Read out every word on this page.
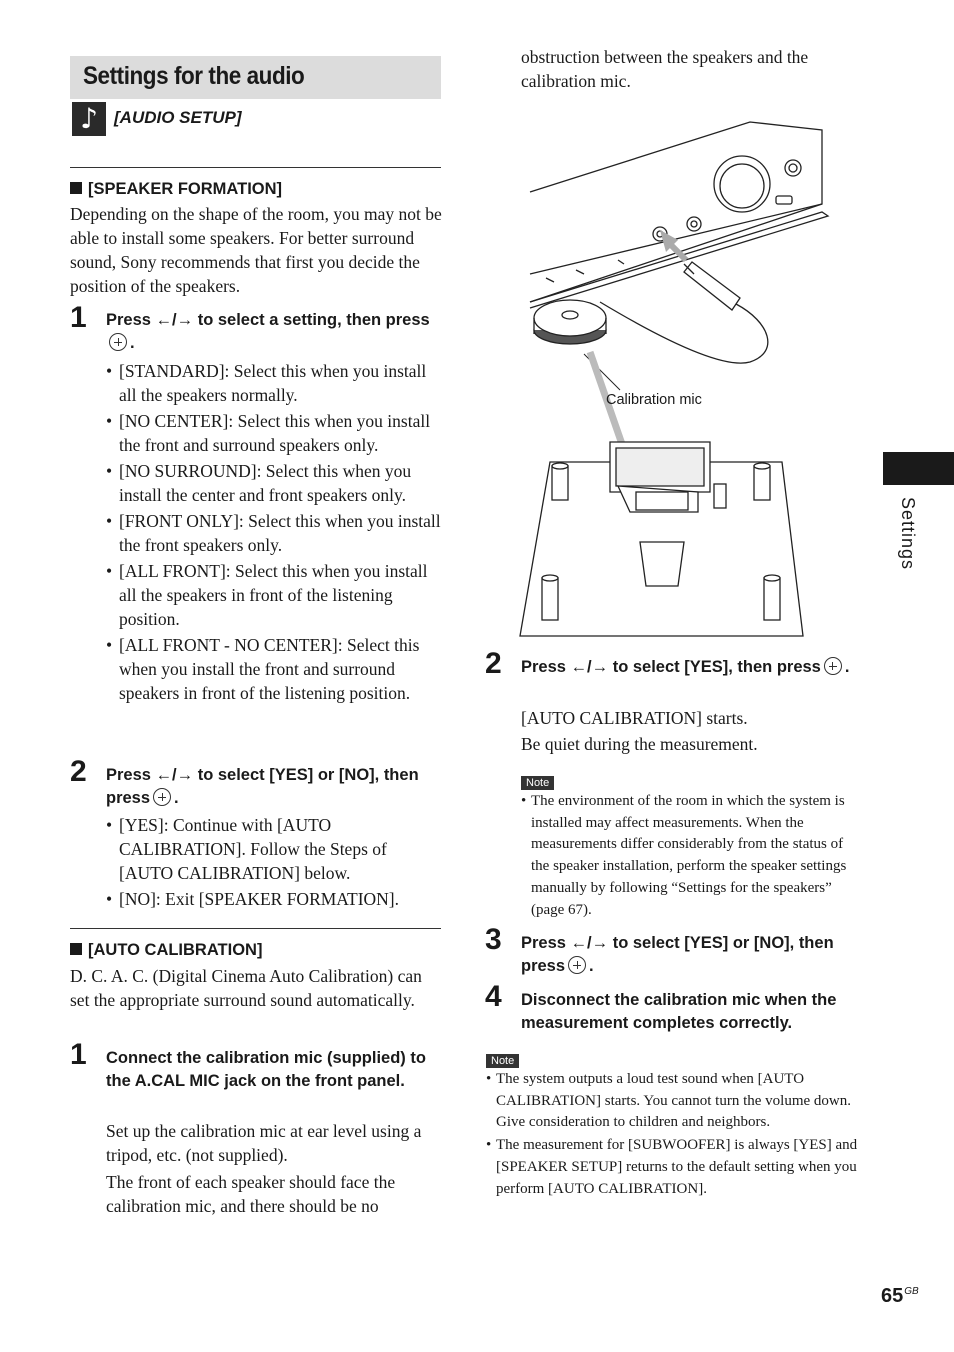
Settings for the audio
♪ [AUDIO SETUP]
[SPEAKER FORMATION]
Depending on the shape of the room, you may not be able to install some speakers. For better surround sound, Sony recommends that first you decide the position of the speakers.
1 Press ←/→ to select a setting, then press.
• [STANDARD]: Select this when you install all the speakers normally.
• [NO CENTER]: Select this when you install the front and surround speakers only.
• [NO SURROUND]: Select this when you install the center and front speakers only.
• [FRONT ONLY]: Select this when you install the front speakers only.
• [ALL FRONT]: Select this when you install all the speakers in front of the listening position.
• [ALL FRONT - NO CENTER]: Select this when you install the front and surround speakers in front of the listening position.
2 Press ←/→ to select [YES] or [NO], then press .
• [YES]: Continue with [AUTO CALIBRATION]. Follow the Steps of [AUTO CALIBRATION] below.
• [NO]: Exit [SPEAKER FORMATION].
[AUTO CALIBRATION]
D. C. A. C. (Digital Cinema Auto Calibration) can set the appropriate surround sound automatically.
1 Connect the calibration mic (supplied) to the A.CAL MIC jack on the front panel.
Set up the calibration mic at ear level using a tripod, etc. (not supplied).
The front of each speaker should face the calibration mic, and there should be no
obstruction between the speakers and the calibration mic.
Calibration mic
2 Press ←/→ to select [YES], then press .
[AUTO CALIBRATION] starts.
Be quiet during the measurement.
Note
• The environment of the room in which the system is installed may affect measurements. When the measurements differ considerably from the status of the speaker installation, perform the speaker settings manually by following “Settings for the speakers” (page 67).
3 Press ←/→ to select [YES] or [NO], then press .
4 Disconnect the calibration mic when the measurement completes correctly.
Note
• The system outputs a loud test sound when [AUTO CALIBRATION] starts. You cannot turn the volume down. Give consideration to children and neighbors.
• The measurement for [SUBWOOFER] is always [YES] and [SPEAKER SETUP] returns to the default setting when you perform [AUTO CALIBRATION].
Settings
$65^{GB}$
